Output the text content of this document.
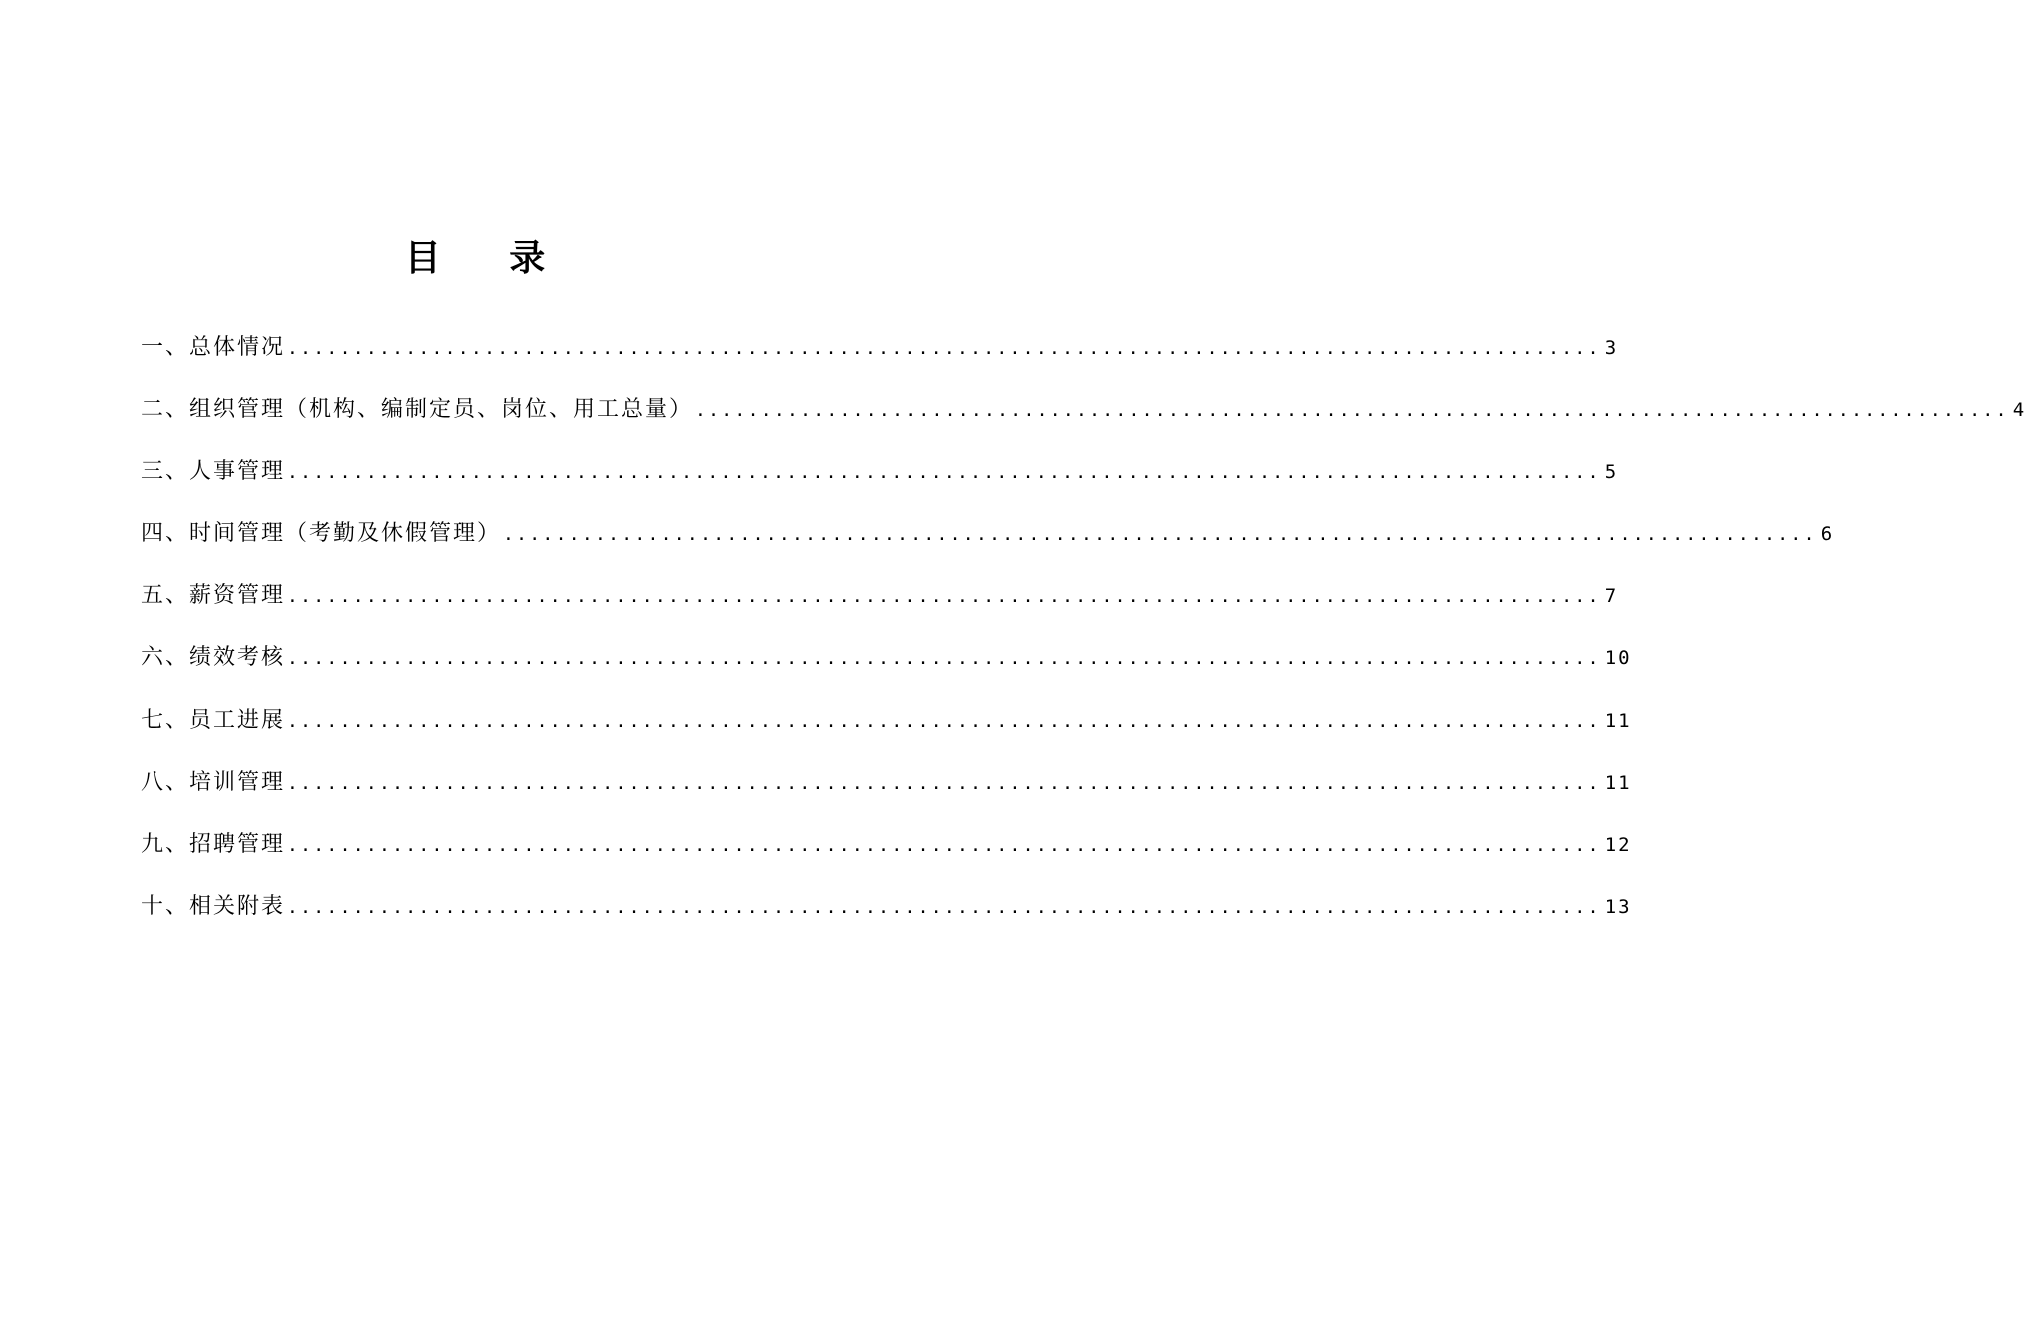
目 录
一、总体情况 .................................................................................................... 3
二、组织管理（机构、编制定员、岗位、用工总量） .................................................................................................... 4
三、人事管理 .................................................................................................... 5
四、时间管理（考勤及休假管理） .................................................................................................... 6
五、薪资管理 .................................................................................................... 7
六、绩效考核 .................................................................................................... 10
七、员工进展 .................................................................................................... 11
八、培训管理 .................................................................................................... 11
九、招聘管理 .................................................................................................... 12
十、相关附表 .................................................................................................... 13
